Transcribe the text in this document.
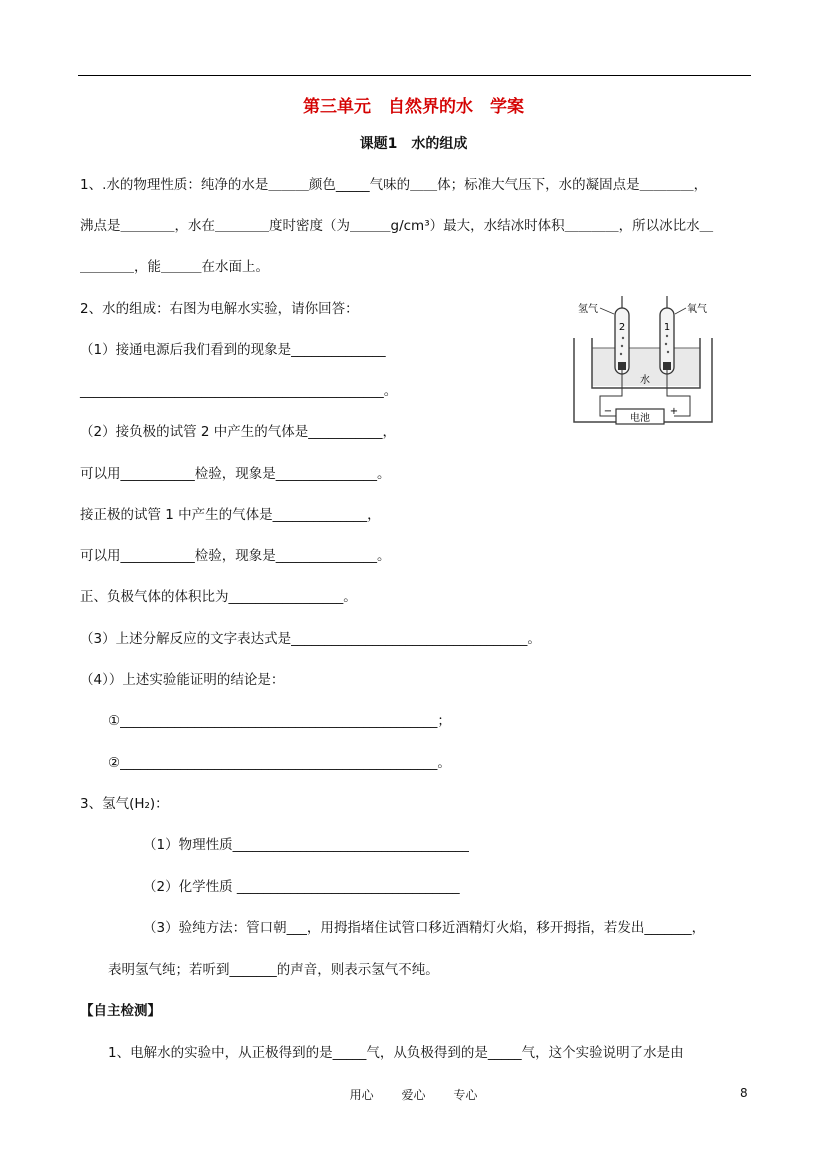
第三单元　自然界的水　学案
课题1　水的组成
1、.水的物理性质：纯净的水是＿＿＿颜色_____气味的＿＿体；标准大气压下，水的凝固点是＿＿＿＿，
沸点是＿＿＿＿，水在＿＿＿＿度时密度（为＿＿＿g/cm³）最大，水结冰时体积＿＿＿＿，所以冰比水＿
＿＿＿＿，能＿＿＿在水面上。
2、水的组成：右图为电解水实验，请你回答：
（1）接通电源后我们看到的现象是______________
_____________________________________________。
（2）接负极的试管 2 中产生的气体是___________，
可以用___________检验，现象是_______________。
接正极的试管 1 中产生的气体是______________，
可以用___________检验，现象是_______________。
正、负极气体的体积比为_________________。
（3）上述分解反应的文字表达式是___________________________________。
（4））上述实验能证明的结论是：
①_______________________________________________；
②_______________________________________________。
3、氢气(H₂)：
（1）物理性质___________________________________
（2）化学性质 _________________________________
（3）验纯方法：管口朝___，用拇指堵住试管口移近酒精灯火焰，移开拇指，若发出_______，
表明氢气纯；若听到_______的声音，则表示氢气不纯。
【自主检测】
1、电解水的实验中，从正极得到的是_____气，从负极得到的是_____气，这个实验说明了水是由
电池
−	+
氢气	氧气
2	1
水
用心 爱心 专心	8
